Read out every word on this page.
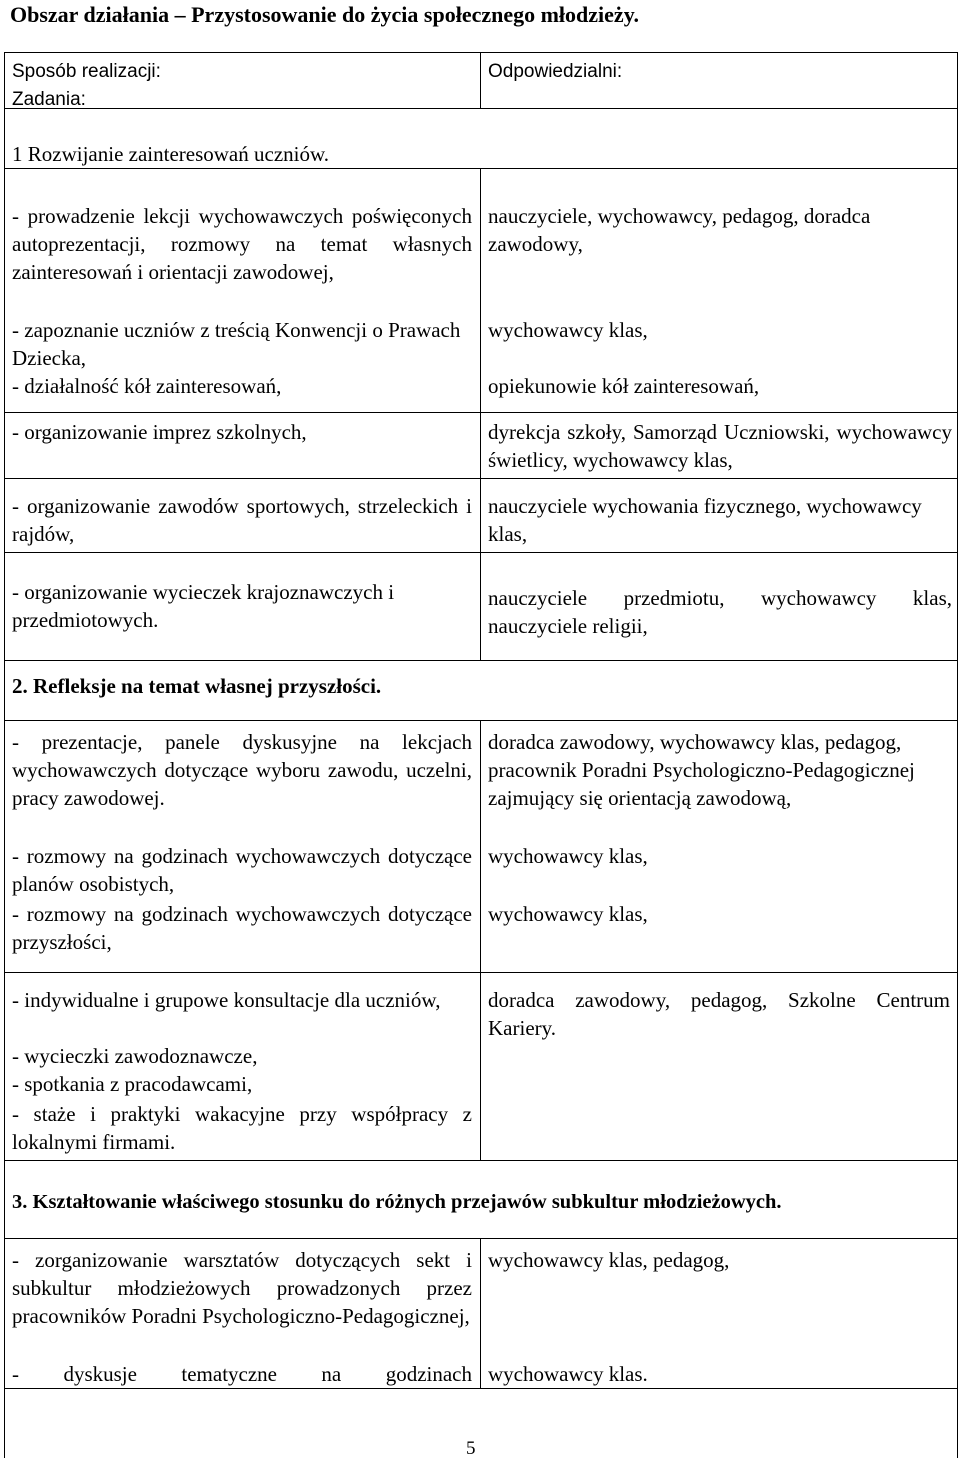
Obszar działania – Przystosowanie do życia społecznego młodzieży.
Sposób realizacji:
Zadania:
Odpowiedzialni:
1 Rozwijanie zainteresowań uczniów.
- prowadzenie lekcji wychowawczych poświęconych autoprezentacji, rozmowy na temat własnych zainteresowań i orientacji zawodowej,
- zapoznanie uczniów z treścią Konwencji o Prawach Dziecka,
- działalność kół zainteresowań,
nauczyciele, wychowawcy, pedagog, doradca zawodowy,
wychowawcy klas,
opiekunowie kół zainteresowań,
- organizowanie imprez szkolnych,	dyrekcja szkoły, Samorząd Uczniowski, wychowawcy świetlicy, wychowawcy klas,
- organizowanie zawodów sportowych, strzeleckich i rajdów,
nauczyciele wychowania fizycznego, wychowawcy klas,
- organizowanie wycieczek krajoznawczych i przedmiotowych.
nauczyciele przedmiotu, wychowawcy klas, nauczyciele religii,
2. Refleksje na temat własnej przyszłości.
- prezentacje, panele dyskusyjne na lekcjach wychowawczych dotyczące wyboru zawodu, uczelni, pracy zawodowej.
- rozmowy na godzinach wychowawczych dotyczące planów osobistych,
- rozmowy na godzinach wychowawczych dotyczące przyszłości,
doradca zawodowy, wychowawcy klas, pedagog, pracownik Poradni Psychologiczno-Pedagogicznej zajmujący się orientacją zawodową,
wychowawcy klas,
wychowawcy klas,
- indywidualne i grupowe konsultacje dla uczniów,
- wycieczki zawodoznawcze,
- spotkania z pracodawcami,
- staże i praktyki wakacyjne przy współpracy z lokalnymi firmami.
doradca zawodowy, pedagog, Szkolne Centrum Kariery.
3. Kształtowanie właściwego stosunku do różnych przejawów subkultur młodzieżowych.
- zorganizowanie warsztatów dotyczących sekt i subkultur młodzieżowych prowadzonych przez pracowników Poradni Psychologiczno-Pedagogicznej,
- dyskusje tematyczne na godzinach
wychowawcy klas, pedagog,
wychowawcy klas.
5
